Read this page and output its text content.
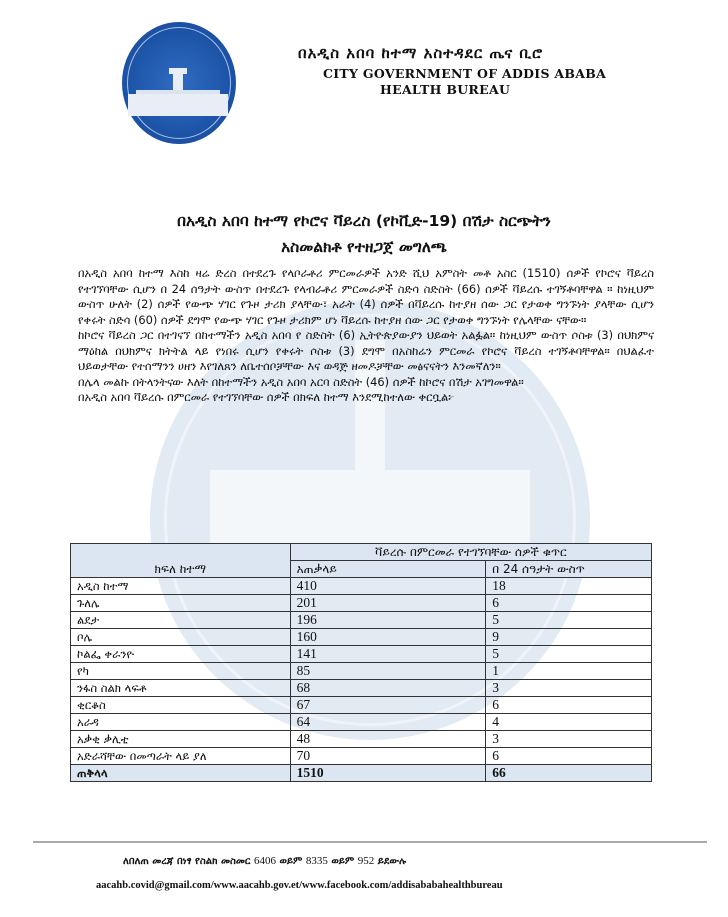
በአዲስ አበባ ከተማ አስተዳደር ጤና ቢሮ
CITY GOVERNMENT OF ADDIS ABABA
HEALTH BUREAU
በአዲስ አበባ ከተማ የኮሮና ቫይረስ (የኮቪድ-19) በሽታ ስርጭትን
አስመልክቶ የተዘጋጀ መግለጫ

በአዲስ አበባ ከተማ እስከ ዛሬ ድረስ በተደረጉ የላቦራቶሪ ምርመራዎች አንድ ሺህ አምስት መቶ አስር (1510) ሰዎች የኮሮና ቫይረስ የተገኘባቸው ሲሆን በ 24 ሰዓታት ውስጥ በተደረጉ የላብራቶሪ ምርመራዎች ስድሳ ስድስት (66) ሰዎች ቫይረሱ ተገኝቶባቸዋል ። ከነዚህም ውስጥ ሁለት (2) ሰዎች የውጭ ሃገር የጉዞ ታሪክ ያላቸው፣ አራት (4) ሰዎች በቫይረሱ ከተያዘ ሰው ጋር የታወቀ ግንኙነት ያላቸው ሲሆን የቀሩት ስድሳ (60) ሰዎች ደግሞ የውጭ ሃገር የጉዞ ታሪክም ሆነ ቫይረሱ ከተያዘ ሰው ጋር የታወቀ ግንኙነት የሌላቸው ናቸው።

ከኮሮና ቫይረስ ጋር በተገናኘ በከተማችን አዲስ አበባ የ ስድስት (6) ኢትዮጵያውያን ህይወት አልፏል። ከነዚህም ውስጥ ሶስቱ (3) በህክምና ማዕከል በህክምና ክትትል ላይ የነበሩ ሲሆን የቀሩት ሶስቱ (3) ደግሞ በአስከሬን ምርመራ የኮሮና ቫይረስ ተገኝቶባቸዋል። በህልፈተ ህይወታቸው የተሰማንን ሀዘን እየገለጸን ለቤተሰቦቻቸው እና ወዳጅ ዘመዶቻቸው መፅናናትን እንመኛለን።

በሌላ መልኩ በትላንትናው እለት በከተማችን አዲስ አበባ አርባ ስድስት (46) ሰዎች ከኮሮና በሽታ አገግመዋል።

በአዲስ አበባ ቫይረሱ በምርመራ የተገኘባቸው ሰዎች በክፍለ ከተማ እንደሚከተለው ቀርቧል፦

ክፍለ ከተማ	ቫይረሱ በምርመራ የተገኘባቸው ሰዎች ቁጥር	
	አጠቃላይ	በ 24 ሰዓታት ውስጥ
አዲስ ከተማ	410	18
ጉለሌ	201	6
ልደታ	196	5
ቦሌ	160	9
ኮልፌ ቀራንዮ	141	5
የካ	85	1
ንፋስ ስልክ ላፍቶ	68	3
ቂርቆስ	67	6
አራዳ	64	4
አቃቂ ቃሊቲ	48	3
አድራሻቸው በመጣራት ላይ ያለ	70	6
ጠቅላላ	1510	66
ለበለጠ መረጃ በነፃ የስልክ መስመር 6406 ወይም 8335 ወይም 952 ይደውሉ
aacahb.covid@gmail.com/www.aacahb.gov.et/www.facebook.com/addisababahealthbureau
